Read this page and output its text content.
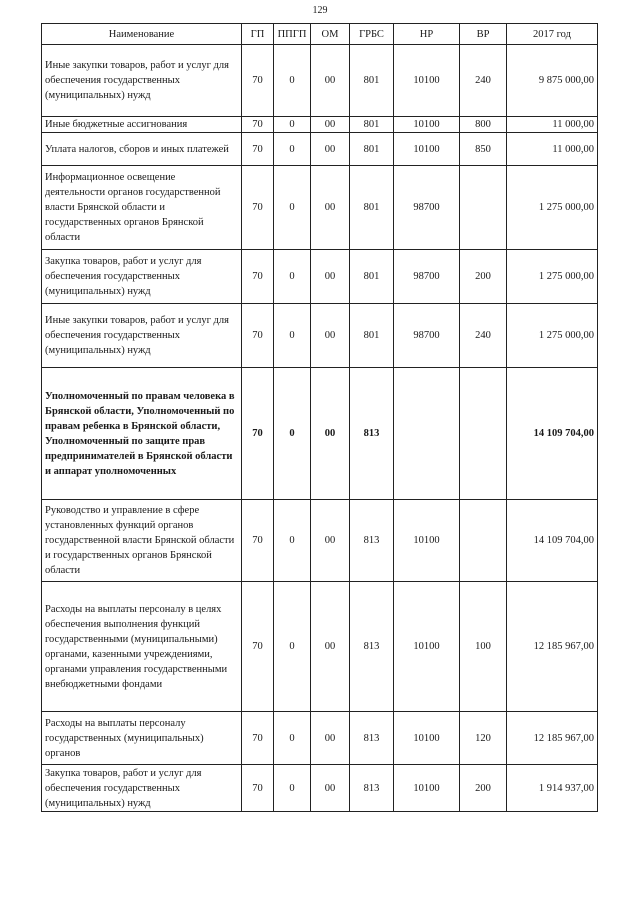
129
Наименование	ГП	ППГП	ОМ	ГРБС	НР	ВР	2017 год
Иные закупки товаров, работ и услуг для обеспечения государственных (муниципальных) нужд	70	0	00	801	10100	240	9 875 000,00
Иные бюджетные ассигнования	70	0	00	801	10100	800	11 000,00
Уплата налогов, сборов и иных платежей	70	0	00	801	10100	850	11 000,00
Информационное освещение деятельности органов государственной власти Брянской области и государственных органов Брянской области	70	0	00	801	98700		1 275 000,00
Закупка товаров, работ и услуг для обеспечения государственных (муниципальных) нужд	70	0	00	801	98700	200	1 275 000,00
Иные закупки товаров, работ и услуг для обеспечения государственных (муниципальных) нужд	70	0	00	801	98700	240	1 275 000,00
Уполномоченный по правам человека в Брянской области, Уполномоченный по правам ребенка в Брянской области, Уполномоченный по защите прав предпринимателей в Брянской области и аппарат уполномоченных	70	0	00	813			14 109 704,00
Руководство и управление в сфере установленных функций органов государственной власти Брянской области и государственных органов Брянской области	70	0	00	813	10100		14 109 704,00
Расходы на выплаты персоналу в целях обеспечения выполнения функций государственными (муниципальными) органами, казенными учреждениями, органами управления государственными внебюджетными фондами	70	0	00	813	10100	100	12 185 967,00
Расходы на выплаты персоналу государственных (муниципальных) органов	70	0	00	813	10100	120	12 185 967,00
Закупка товаров, работ и услуг для обеспечения государственных (муниципальных) нужд	70	0	00	813	10100	200	1 914 937,00
